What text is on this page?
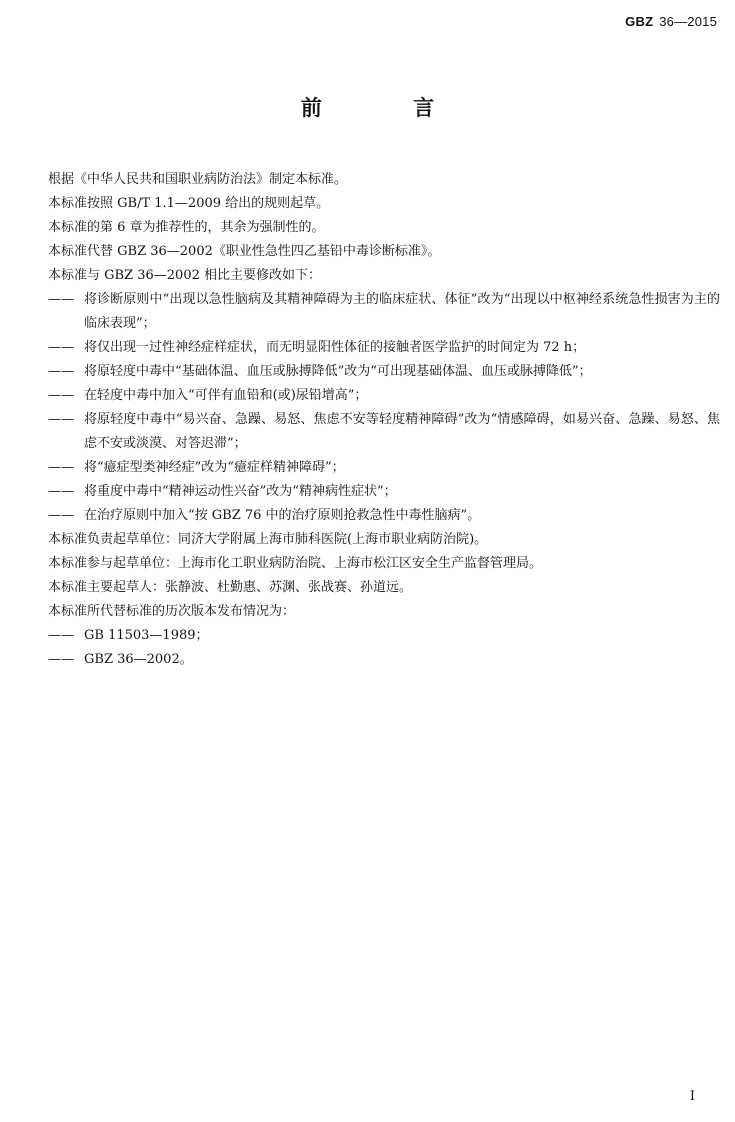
GBZ 36—2015
前 言

根据《中华人民共和国职业病防治法》制定本标准。

本标准按照 GB/T 1.1—2009 给出的规则起草。

本标准的第 6 章为推荐性的，其余为强制性的。

本标准代替 GBZ 36—2002《职业性急性四乙基铅中毒诊断标准》。

本标准与 GBZ 36—2002 相比主要修改如下：

—— 将诊断原则中“出现以急性脑病及其精神障碍为主的临床症状、体征”改为“出现以中枢神经系统急性损害为主的临床表现”；
—— 将仅出现一过性神经症样症状，而无明显阳性体征的接触者医学监护的时间定为 72 h；
—— 将原轻度中毒中“基础体温、血压或脉搏降低”改为“可出现基础体温、血压或脉搏降低”；
—— 在轻度中毒中加入“可伴有血铅和(或)尿铅增高”；
—— 将原轻度中毒中“易兴奋、急躁、易怒、焦虑不安等轻度精神障碍”改为“情感障碍，如易兴奋、急躁、易怒、焦虑不安或淡漠、对答迟滞”；
—— 将“癔症型类神经症”改为“癔症样精神障碍”；
—— 将重度中毒中“精神运动性兴奋”改为“精神病性症状”；
—— 在治疗原则中加入“按 GBZ 76 中的治疗原则抢救急性中毒性脑病”。

本标准负责起草单位：同济大学附属上海市肺科医院(上海市职业病防治院)。

本标准参与起草单位：上海市化工职业病防治院、上海市松江区安全生产监督管理局。

本标准主要起草人：张静波、杜勤惠、苏渊、张战赛、孙道远。

本标准所代替标准的历次版本发布情况为：

—— GB 11503—1989；
—— GBZ 36—2002。
I
